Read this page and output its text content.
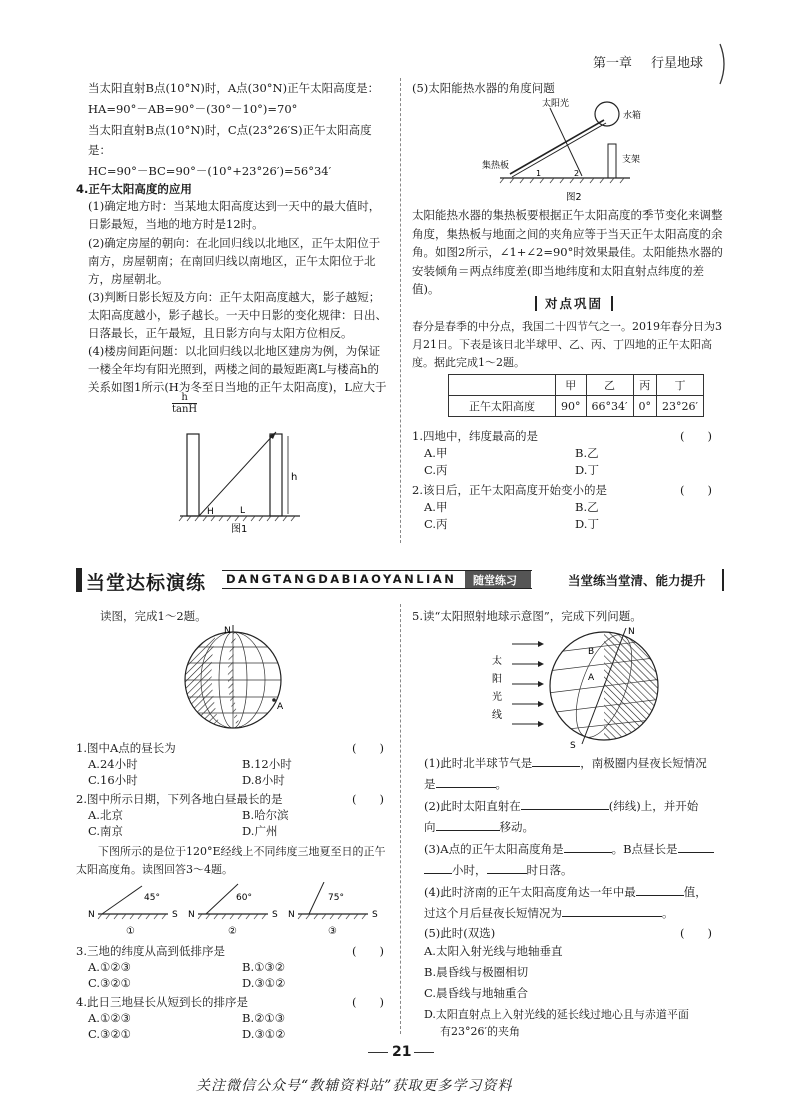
第一章 行星地球
当太阳直射B点(10°N)时，A点(30°N)正午太阳高度是：
HA=90°－AB=90°－(30°－10°)=70°
当太阳直射B点(10°N)时，C点(23°26′S)正午太阳高度
是：
HC=90°－BC=90°－(10°+23°26′)=56°34′
4.正午太阳高度的应用
(1)确定地方时：当某地太阳高度达到一天中的最大值时，日影最短，当地的地方时是12时。
(2)确定房屋的朝向：在北回归线以北地区，正午太阳位于南方，房屋朝南；在南回归线以南地区，正午太阳位于北方，房屋朝北。
(3)判断日影长短及方向：正午太阳高度越大，影子越短；太阳高度越小，影子越长。一天中日影的变化规律：日出、日落最长，正午最短，且日影方向与太阳方位相反。
(4)楼房间距问题：以北回归线以北地区建房为例，为保证一楼全年均有阳光照到，两楼之间的最短距离L与楼高h的关系如图1所示(H为冬至日当地的正午太阳高度)，L应大于
$\frac{h}{\tan H}$
h
H	L
图1
(5)太阳能热水器的角度问题
太阳光
水箱
支架
集热板
1	2
图2
太阳能热水器的集热板要根据正午太阳高度的季节变化来调整角度，集热板与地面之间的夹角应等于当天正午太阳高度的余角。如图2所示，∠1+∠2=90°时效果最佳。太阳能热水器的安装倾角＝两点纬度差(即当地纬度和太阳直射点纬度的差值)。
对点巩固
春分是春季的中分点，我国二十四节气之一。2019年春分日为3月21日。下表是该日北半球甲、乙、丙、丁四地的正午太阳高度。据此完成1～2题。
	甲	乙	丙	丁
正午太阳高度	90°	66°34′	0°	23°26′
1.四地中，纬度最高的是	(　　)
A.甲	B.乙
C.丙	D.丁
2.该日后，正午太阳高度开始变小的是	(　　)
A.甲	B.乙
C.丙	D.丁
当堂达标演练 DANGTANGDABIAOYANLIAN 随堂练习	当堂练当堂清、能力提升
读图，完成1～2题。
N
A
1.图中A点的昼长为	(　　)
A.24小时	B.12小时
C.16小时	D.8小时
2.图中所示日期，下列各地白昼最长的是	(　　)
A.北京	B.哈尔滨
C.南京	D.广州
下图所示的是位于120°E经线上不同纬度三地夏至日的正午太阳高度角。读图回答3～4题。
45°
N	S
①
60°
N	S
②
75°
N	S
③
3.三地的纬度从高到低排序是	(　　)
A.①②③	B.①③②
C.③②①	D.③①②
4.此日三地昼长从短到长的排序是	(　　)
A.①②③	B.②①③
C.③②①	D.③①②
5.读“太阳照射地球示意图”，完成下列问题。
太
阳
光
线
N
S
B
A
(1)此时北半球节气是	，南极圈内昼夜长短情况
是	。
(2)此时太阳直射在	(纬线)上，并开始
向	移动。
(3)A点的正午太阳高度角是	。B点昼长是
小时，	时日落。
(4)此时济南的正午太阳高度角达一年中最	值，
过这个月后昼夜长短情况为	。
(5)此时(双选)	(　　)
A.太阳入射光线与地轴垂直
B.晨昏线与极圈相切
C.晨昏线与地轴重合
D.太阳直射点上入射光线的延长线过地心且与赤道平面
有23°26′的夹角
21
关注微信公众号“教辅资料站”获取更多学习资料
